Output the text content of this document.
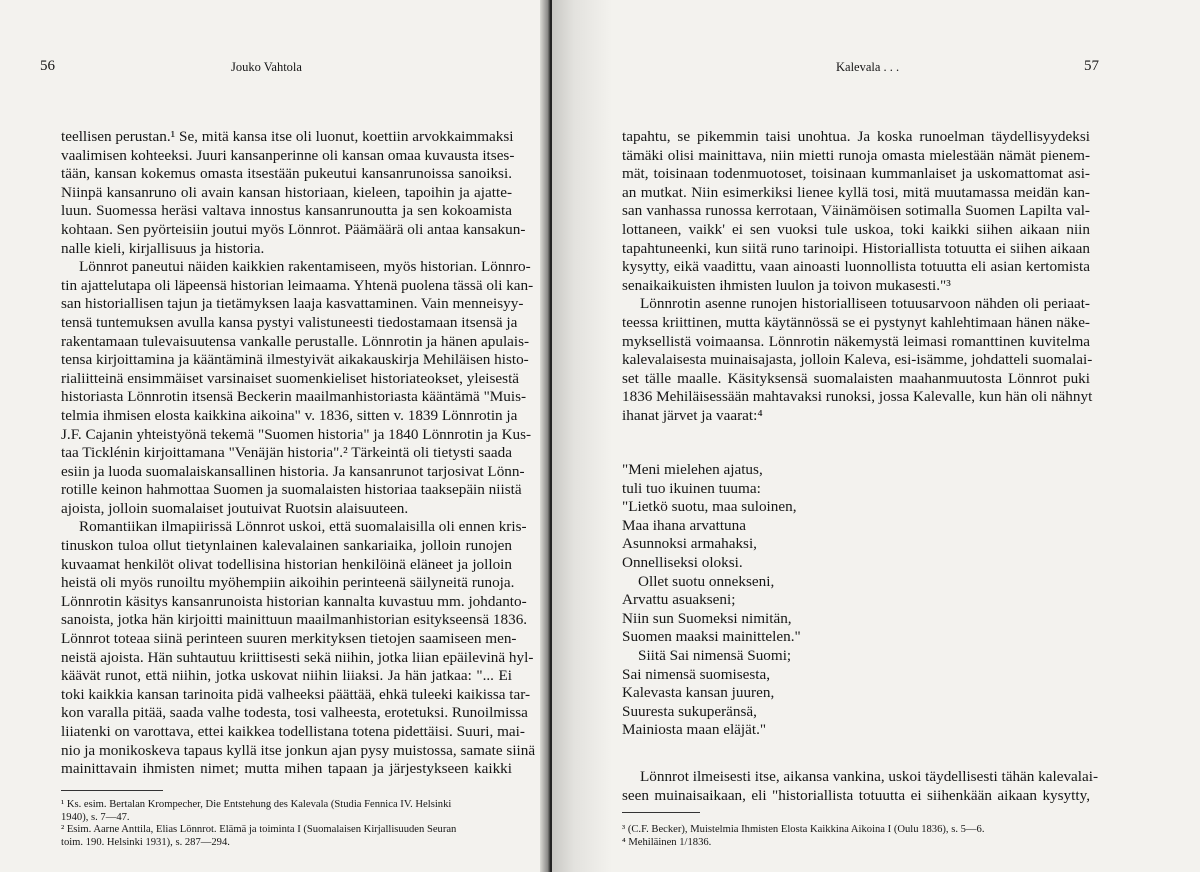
56	Jouko Vahtola
teellisen perustan.¹ Se, mitä kansa itse oli luonut, koettiin arvokkaimmaksi
vaalimisen kohteeksi. Juuri kansanperinne oli kansan omaa kuvausta itses-
tään, kansan kokemus omasta itsestään pukeutui kansanrunoissa sanoiksi.
Niinpä kansanruno oli avain kansan historiaan, kieleen, tapoihin ja ajatte-
luun. Suomessa heräsi valtava innostus kansanrunoutta ja sen kokoamista
kohtaan. Sen pyörteisiin joutui myös Lönnrot. Päämäärä oli antaa kansakun-
nalle kieli, kirjallisuus ja historia.
Lönnrot paneutui näiden kaikkien rakentamiseen, myös historian. Lönnro-
tin ajattelutapa oli läpeensä historian leimaama. Yhtenä puolena tässä oli kan-
san historiallisen tajun ja tietämyksen laaja kasvattaminen. Vain menneisyy-
tensä tuntemuksen avulla kansa pystyi valistuneesti tiedostamaan itsensä ja
rakentamaan tulevaisuutensa vankalle perustalle. Lönnrotin ja hänen apulais-
tensa kirjoittamina ja kääntäminä ilmestyivät aikakauskirja Mehiläisen histo-
rialiitteinä ensimmäiset varsinaiset suomenkieliset historiateokset, yleisestä
historiasta Lönnrotin itsensä Beckerin maailmanhistoriasta kääntämä "Muis-
telmia ihmisen elosta kaikkina aikoina" v. 1836, sitten v. 1839 Lönnrotin ja
J.F. Cajanin yhteistyönä tekemä "Suomen historia" ja 1840 Lönnrotin ja Kus-
taa Ticklénin kirjoittamana "Venäjän historia".² Tärkeintä oli tietysti saada
esiin ja luoda suomalaiskansallinen historia. Ja kansanrunot tarjosivat Lönn-
rotille keinon hahmottaa Suomen ja suomalaisten historiaa taaksepäin niistä
ajoista, jolloin suomalaiset joutuivat Ruotsin alaisuuteen.
Romantiikan ilmapiirissä Lönnrot uskoi, että suomalaisilla oli ennen kris-
tinuskon tuloa ollut tietynlainen kalevalainen sankariaika, jolloin runojen
kuvaamat henkilöt olivat todellisina historian henkilöinä eläneet ja jolloin
heistä oli myös runoiltu myöhempiin aikoihin perinteenä säilyneitä runoja.
Lönnrotin käsitys kansanrunoista historian kannalta kuvastuu mm. johdanto-
sanoista, jotka hän kirjoitti mainittuun maailmanhistorian esitykseensä 1836.
Lönnrot toteaa siinä perinteen suuren merkityksen tietojen saamiseen men-
neistä ajoista. Hän suhtautuu kriittisesti sekä niihin, jotka liian epäilevinä hyl-
käävät runot, että niihin, jotka uskovat niihin liiaksi. Ja hän jatkaa: "... Ei
toki kaikkia kansan tarinoita pidä valheeksi päättää, ehkä tuleeki kaikissa tar-
kon varalla pitää, saada valhe todesta, tosi valheesta, erotetuksi. Runoilmissa
liiatenki on varottava, ettei kaikkea todellistana totena pidettäisi. Suuri, mai-
nio ja monikoskeva tapaus kyllä itse jonkun ajan pysy muistossa, samate siinä
mainittavain ihmisten nimet; mutta mihen tapaan ja järjestykseen kaikki
¹ Ks. esim. Bertalan Krompecher, Die Entstehung des Kalevala (Studia Fennica IV. Helsinki
1940), s. 7—47.
² Esim. Aarne Anttila, Elias Lönnrot. Elämä ja toiminta I (Suomalaisen Kirjallisuuden Seuran
toim. 190. Helsinki 1931), s. 287—294.
Kalevala . . .	57
tapahtu, se pikemmin taisi unohtua. Ja koska runoelman täydellisyydeksi
tämäki olisi mainittava, niin mietti runoja omasta mielestään nämät pienem-
mät, toisinaan todenmuotoset, toisinaan kummanlaiset ja uskomattomat asi-
an mutkat. Niin esimerkiksi lienee kyllä tosi, mitä muutamassa meidän kan-
san vanhassa runossa kerrotaan, Väinämöisen sotimalla Suomen Lapilta val-
lottaneen, vaikk' ei sen vuoksi tule uskoa, toki kaikki siihen aikaan niin
tapahtuneenki, kun siitä runo tarinoipi. Historiallista totuutta ei siihen aikaan
kysytty, eikä vaadittu, vaan ainoasti luonnollista totuutta eli asian kertomista
senaikaikuisten ihmisten luulon ja toivon mukasesti."³
Lönnrotin asenne runojen historialliseen totuusarvoon nähden oli periaat-
teessa kriittinen, mutta käytännössä se ei pystynyt kahlehtimaan hänen näke-
myksellistä voimaansa. Lönnrotin näkemystä leimasi romanttinen kuvitelma
kalevalaisesta muinaisajasta, jolloin Kaleva, esi-isämme, johdatteli suomalai-
set tälle maalle. Käsityksensä suomalaisten maahanmuutosta Lönnrot puki
1836 Mehiläisessään mahtavaksi runoksi, jossa Kalevalle, kun hän oli nähnyt
ihanat järvet ja vaarat:⁴
"Meni mielehen ajatus,
tuli tuo ikuinen tuuma:
"Lietkö suotu, maa suloinen,
Maa ihana arvattuna
Asunnoksi armahaksi,
Onnelliseksi oloksi.
Ollet suotu onnekseni,
Arvattu asuakseni;
Niin sun Suomeksi nimitän,
Suomen maaksi mainittelen."
Siitä Sai nimensä Suomi;
Sai nimensä suomisesta,
Kalevasta kansan juuren,
Suuresta sukuperänsä,
Mainiosta maan eläjät."
Lönnrot ilmeisesti itse, aikansa vankina, uskoi täydellisesti tähän kalevalai-
seen muinaisaikaan, eli "historiallista totuutta ei siihenkään aikaan kysytty,
³ (C.F. Becker), Muistelmia Ihmisten Elosta Kaikkina Aikoina I (Oulu 1836), s. 5—6.
⁴ Mehiläinen 1/1836.
